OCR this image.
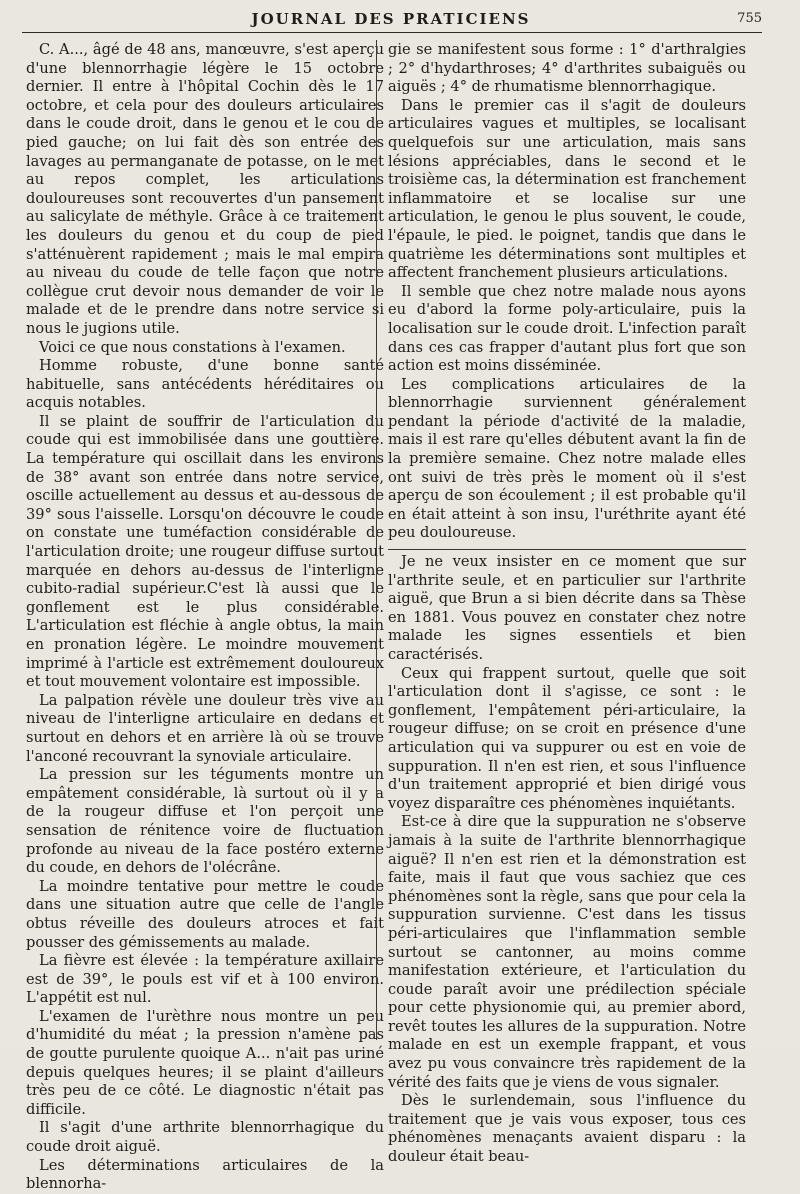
JOURNAL DES PRATICIENS	755

C. A..., âgé de 48 ans, manœuvre, s'est aperçu d'une blennorrhagie légère le 15 octobre dernier. Il entre à l'hôpital Cochin dès le 17 octobre, et cela pour des douleurs articulaires dans le coude droit, dans le genou et le cou de pied gauche; on lui fait dès son entrée des lavages au permanganate de potasse, on le met au repos complet, les articulations douloureuses sont recouvertes d'un pansement au salicylate de méthyle. Grâce à ce traitement les douleurs du genou et du coup de pied s'atténuèrent rapidement ; mais le mal empira au niveau du coude de telle façon que notre collègue crut devoir nous demander de voir le malade et de le prendre dans notre service si nous le jugions utile.

Voici ce que nous constations à l'examen.

Homme robuste, d'une bonne santé habituelle, sans antécédents héréditaires ou acquis notables.

Il se plaint de souffrir de l'articulation du coude qui est immobilisée dans une gouttière. La température qui oscillait dans les environs de 38° avant son entrée dans notre service, oscille actuellement au dessus et au-dessous de 39° sous l'aisselle. Lorsqu'on découvre le coude on constate une tuméfaction considérable de l'articulation droite; une rougeur diffuse surtout marquée en dehors au-dessus de l'interligne cubito-radial supérieur.C'est là aussi que le gonflement est le plus considérable. L'articulation est fléchie à angle obtus, la main en pronation légère. Le moindre mouvement imprimé à l'article est extrêmement douloureux et tout mouvement volontaire est impossible.

La palpation révèle une douleur très vive au niveau de l'interligne articulaire en dedans et surtout en dehors et en arrière là où se trouve l'anconé recouvrant la synoviale articulaire.

La pression sur les téguments montre un empâtement considérable, là surtout où il y a de la rougeur diffuse et l'on perçoit une sensation de rénitence voire de fluctuation profonde au niveau de la face postéro externe du coude, en dehors de l'olécrâne.

La moindre tentative pour mettre le coude dans une situation autre que celle de l'angle obtus réveille des douleurs atroces et fait pousser des gémissements au malade.

La fièvre est élevée : la température axillaire est de 39°, le pouls est vif et à 100 environ. L'appétit est nul.

L'examen de l'urèthre nous montre un peu d'humidité du méat ; la pression n'amène pas de goutte purulente quoique A... n'ait pas uriné depuis quelques heures; il se plaint d'ailleurs très peu de ce côté. Le diagnostic n'était pas difficile.

Il s'agit d'une arthrite blennorrhagique du coude droit aiguë.

Les déterminations articulaires de la blennorha-

gie se manifestent sous forme : 1° d'arthralgies ; 2° d'hydarthroses; 4° d'arthrites subaiguës ou aiguës ; 4° de rhumatisme blennorrhagique.

Dans le premier cas il s'agit de douleurs articulaires vagues et multiples, se localisant quelquefois sur une articulation, mais sans lésions appréciables, dans le second et le troisième cas, la détermination est franchement inflammatoire et se localise sur une articulation, le genou le plus souvent, le coude, l'épaule, le pied. le poignet, tandis que dans le quatrième les déterminations sont multiples et affectent franchement plusieurs articulations.

Il semble que chez notre malade nous ayons eu d'abord la forme poly-articulaire, puis la localisation sur le coude droit. L'infection paraît dans ces cas frapper d'autant plus fort que son action est moins disséminée.

Les complications articulaires de la blennorrhagie surviennent généralement pendant la période d'activité de la maladie, mais il est rare qu'elles débutent avant la fin de la première semaine. Chez notre malade elles ont suivi de très près le moment où il s'est aperçu de son écoulement ; il est probable qu'il en était atteint à son insu, l'uréthrite ayant été peu douloureuse.

Je ne veux insister en ce moment que sur l'arthrite seule, et en particulier sur l'arthrite aiguë, que Brun a si bien décrite dans sa Thèse en 1881. Vous pouvez en constater chez notre malade les signes essentiels et bien caractérisés.

Ceux qui frappent surtout, quelle que soit l'articulation dont il s'agisse, ce sont : le gonflement, l'empâtement péri-articulaire, la rougeur diffuse; on se croit en présence d'une articulation qui va suppurer ou est en voie de suppuration. Il n'en est rien, et sous l'influence d'un traitement approprié et bien dirigé vous voyez disparaître ces phénomènes inquiétants.

Est-ce à dire que la suppuration ne s'observe jamais à la suite de l'arthrite blennorrhagique aiguë? Il n'en est rien et la démonstration est faite, mais il faut que vous sachiez que ces phénomènes sont la règle, sans que pour cela la suppuration survienne. C'est dans les tissus péri-articulaires que l'inflammation semble surtout se cantonner, au moins comme manifestation extérieure, et l'articulation du coude paraît avoir une prédilection spéciale pour cette physionomie qui, au premier abord, revêt toutes les allures de la suppuration. Notre malade en est un exemple frappant, et vous avez pu vous convaincre très rapidement de la vérité des faits que je viens de vous signaler.

Dès le surlendemain, sous l'influence du traitement que je vais vous exposer, tous ces phénomènes menaçants avaient disparu : la douleur était beau-
